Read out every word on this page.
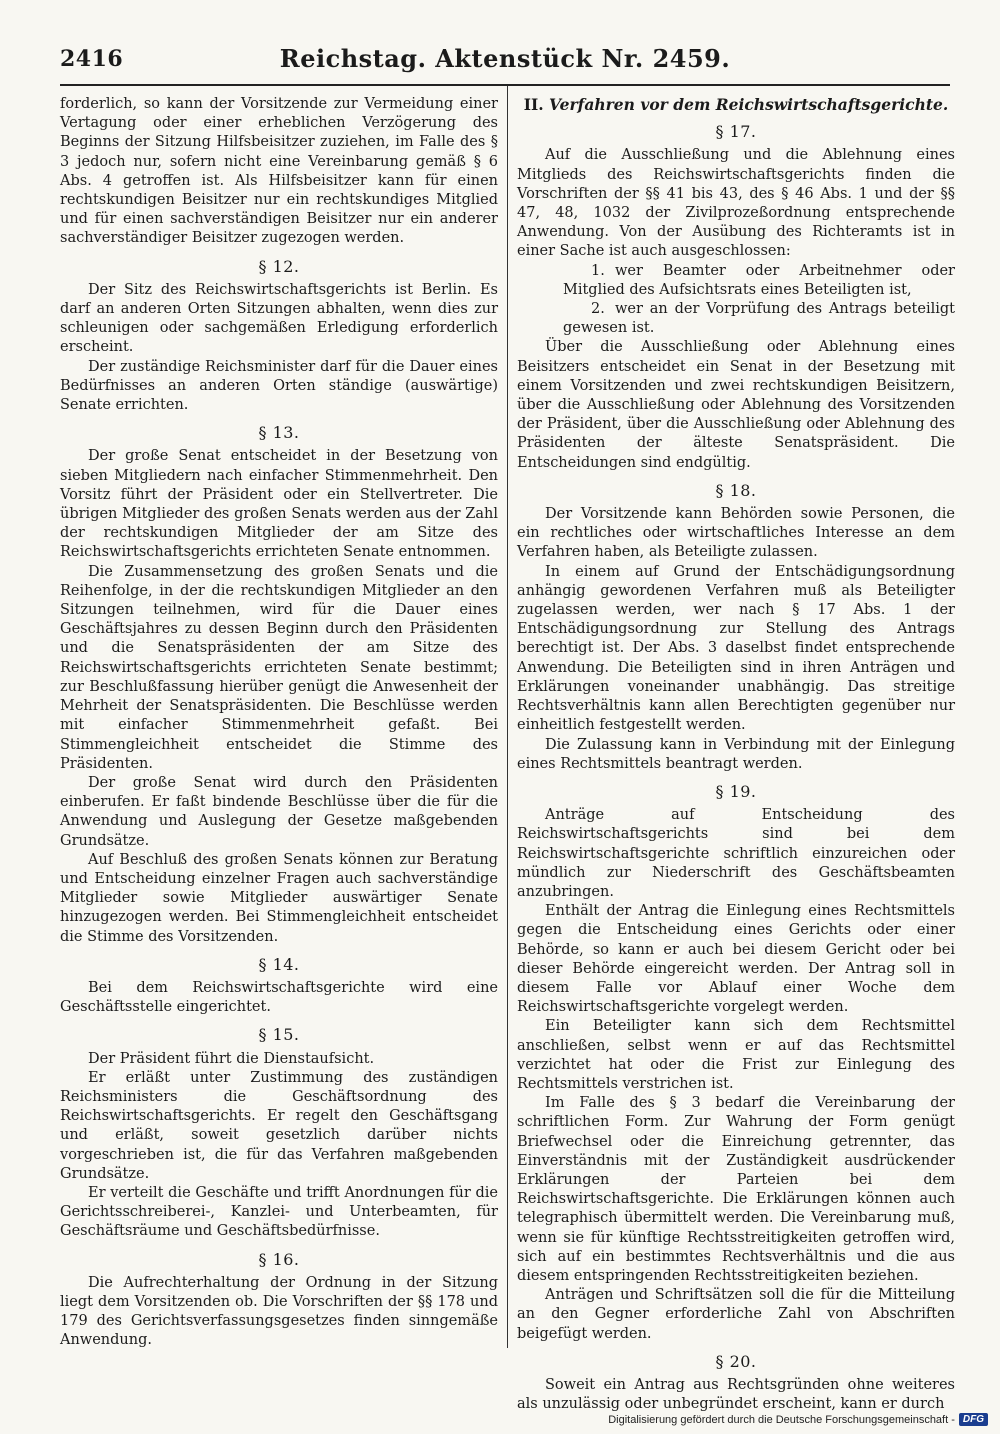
2416	Reichstag. Aktenstück Nr. 2459.

forderlich, so kann der Vorsitzende zur Vermeidung einer Vertagung oder einer erheblichen Verzögerung des Beginns der Sitzung Hilfsbeisitzer zuziehen, im Falle des § 3 jedoch nur, sofern nicht eine Vereinbarung gemäß § 6 Abs. 4 getroffen ist. Als Hilfsbeisitzer kann für einen rechtskundigen Beisitzer nur ein rechtskundiges Mitglied und für einen sachverständigen Beisitzer nur ein anderer sachverständiger Beisitzer zugezogen werden.

§ 12.

Der Sitz des Reichswirtschaftsgerichts ist Berlin. Es darf an anderen Orten Sitzungen abhalten, wenn dies zur schleunigen oder sachgemäßen Erledigung erforderlich erscheint.

Der zuständige Reichsminister darf für die Dauer eines Bedürfnisses an anderen Orten ständige (auswärtige) Senate errichten.

§ 13.

Der große Senat entscheidet in der Besetzung von sieben Mitgliedern nach einfacher Stimmenmehrheit. Den Vorsitz führt der Präsident oder ein Stellvertreter. Die übrigen Mitglieder des großen Senats werden aus der Zahl der rechtskundigen Mitglieder der am Sitze des Reichswirtschaftsgerichts errichteten Senate entnommen.

Die Zusammensetzung des großen Senats und die Reihenfolge, in der die rechtskundigen Mitglieder an den Sitzungen teilnehmen, wird für die Dauer eines Geschäftsjahres zu dessen Beginn durch den Präsidenten und die Senatspräsidenten der am Sitze des Reichswirtschaftsgerichts errichteten Senate bestimmt; zur Beschlußfassung hierüber genügt die Anwesenheit der Mehrheit der Senatspräsidenten. Die Beschlüsse werden mit einfacher Stimmenmehrheit gefaßt. Bei Stimmengleichheit entscheidet die Stimme des Präsidenten.

Der große Senat wird durch den Präsidenten einberufen. Er faßt bindende Beschlüsse über die für die Anwendung und Auslegung der Gesetze maßgebenden Grundsätze.

Auf Beschluß des großen Senats können zur Beratung und Entscheidung einzelner Fragen auch sachverständige Mitglieder sowie Mitglieder auswärtiger Senate hinzugezogen werden. Bei Stimmengleichheit entscheidet die Stimme des Vorsitzenden.

§ 14.

Bei dem Reichswirtschaftsgerichte wird eine Geschäftsstelle eingerichtet.

§ 15.

Der Präsident führt die Dienstaufsicht.

Er erläßt unter Zustimmung des zuständigen Reichsministers die Geschäftsordnung des Reichswirtschaftsgerichts. Er regelt den Geschäftsgang und erläßt, soweit gesetzlich darüber nichts vorgeschrieben ist, die für das Verfahren maßgebenden Grundsätze.

Er verteilt die Geschäfte und trifft Anordnungen für die Gerichtsschreiberei-, Kanzlei- und Unterbeamten, für Geschäftsräume und Geschäftsbedürfnisse.

§ 16.

Die Aufrechterhaltung der Ordnung in der Sitzung liegt dem Vorsitzenden ob. Die Vorschriften der §§ 178 und 179 des Gerichtsverfassungsgesetzes finden sinngemäße Anwendung.

II. Verfahren vor dem Reichswirtschaftsgerichte.
§ 17.

Auf die Ausschließung und die Ablehnung eines Mitglieds des Reichswirtschaftsgerichts finden die Vorschriften der §§ 41 bis 43, des § 46 Abs. 1 und der §§ 47, 48, 1032 der Zivilprozeßordnung entsprechende Anwendung. Von der Ausübung des Richteramts ist in einer Sache ist auch ausgeschlossen:

1. wer Beamter oder Arbeitnehmer oder Mitglied des Aufsichtsrats eines Beteiligten ist,

2. wer an der Vorprüfung des Antrags beteiligt gewesen ist.

Über die Ausschließung oder Ablehnung eines Beisitzers entscheidet ein Senat in der Besetzung mit einem Vorsitzenden und zwei rechtskundigen Beisitzern, über die Ausschließung oder Ablehnung des Vorsitzenden der Präsident, über die Ausschließung oder Ablehnung des Präsidenten der älteste Senatspräsident. Die Entscheidungen sind endgültig.

§ 18.

Der Vorsitzende kann Behörden sowie Personen, die ein rechtliches oder wirtschaftliches Interesse an dem Verfahren haben, als Beteiligte zulassen.

In einem auf Grund der Entschädigungsordnung anhängig gewordenen Verfahren muß als Beteiligter zugelassen werden, wer nach § 17 Abs. 1 der Entschädigungsordnung zur Stellung des Antrags berechtigt ist. Der Abs. 3 daselbst findet entsprechende Anwendung. Die Beteiligten sind in ihren Anträgen und Erklärungen voneinander unabhängig. Das streitige Rechtsverhältnis kann allen Berechtigten gegenüber nur einheitlich festgestellt werden.

Die Zulassung kann in Verbindung mit der Einlegung eines Rechtsmittels beantragt werden.

§ 19.

Anträge auf Entscheidung des Reichswirtschaftsgerichts sind bei dem Reichswirtschaftsgerichte schriftlich einzureichen oder mündlich zur Niederschrift des Geschäftsbeamten anzubringen.

Enthält der Antrag die Einlegung eines Rechtsmittels gegen die Entscheidung eines Gerichts oder einer Behörde, so kann er auch bei diesem Gericht oder bei dieser Behörde eingereicht werden. Der Antrag soll in diesem Falle vor Ablauf einer Woche dem Reichswirtschaftsgerichte vorgelegt werden.

Ein Beteiligter kann sich dem Rechtsmittel anschließen, selbst wenn er auf das Rechtsmittel verzichtet hat oder die Frist zur Einlegung des Rechtsmittels verstrichen ist.

Im Falle des § 3 bedarf die Vereinbarung der schriftlichen Form. Zur Wahrung der Form genügt Briefwechsel oder die Einreichung getrennter, das Einverständnis mit der Zuständigkeit ausdrückender Erklärungen der Parteien bei dem Reichswirtschaftsgerichte. Die Erklärungen können auch telegraphisch übermittelt werden. Die Vereinbarung muß, wenn sie für künftige Rechtsstreitigkeiten getroffen wird, sich auf ein bestimmtes Rechtsverhältnis und die aus diesem entspringenden Rechtsstreitigkeiten beziehen.

Anträgen und Schriftsätzen soll die für die Mitteilung an den Gegner erforderliche Zahl von Abschriften beigefügt werden.

§ 20.

Soweit ein Antrag aus Rechtsgründen ohne weiteres als unzulässig oder unbegründet erscheint, kann er durch

Digitalisierung gefördert durch die Deutsche Forschungsgemeinschaft - DFG
